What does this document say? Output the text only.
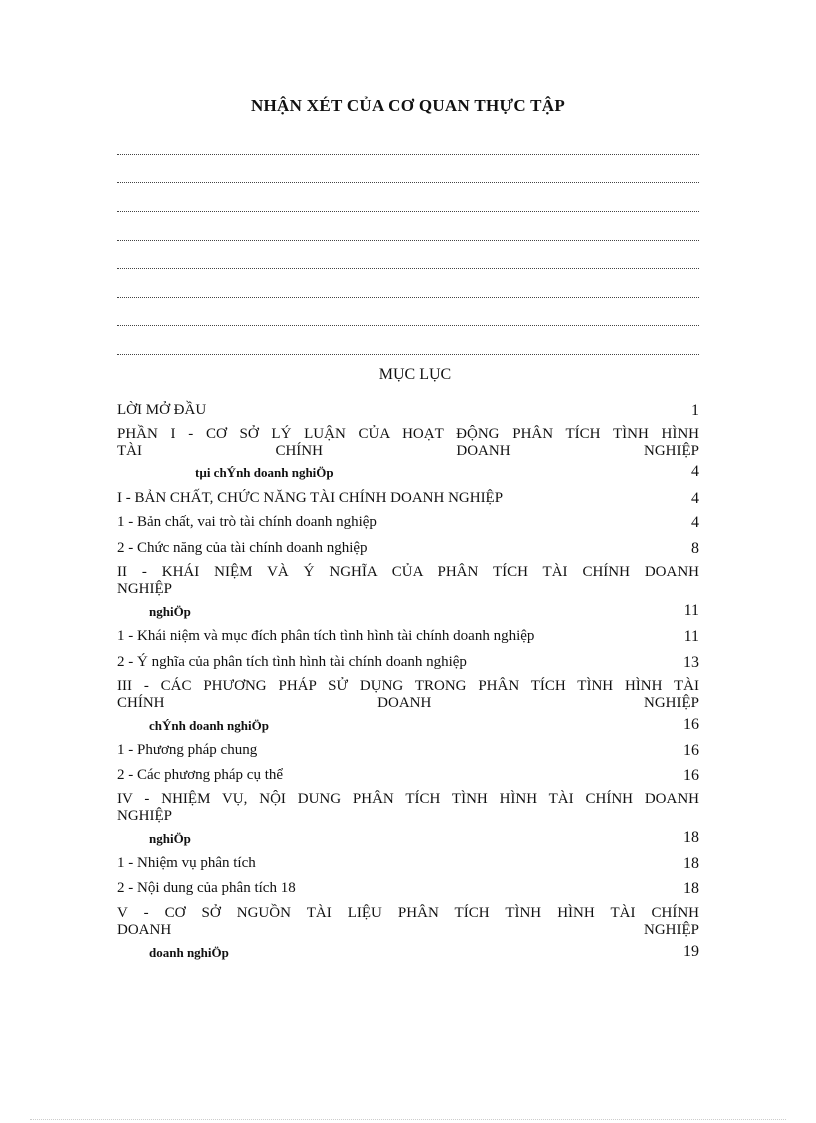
NHẬN XÉT CỦA CƠ QUAN THỰC TẬP
MỤC LỤC
LỜI MỞ ĐẦU	1
PHẦN I - CƠ SỞ LÝ LUẬN CỦA HOẠT ĐỘNG PHÂN TÍCH TÌNH HÌNH
TÀI CHÍNH DOANH NGHIỆP
tµi chÝnh doanh nghiÖp	4
I - BẢN CHẤT, CHỨC NĂNG TÀI CHÍNH DOANH NGHIỆP	4
1 - Bản chất, vai trò tài chính doanh nghiệp	4
2 - Chức năng của tài chính doanh nghiệp	8
II - KHÁI NIỆM VÀ Ý NGHĨA CỦA PHÂN TÍCH TÀI CHÍNH DOANH
NGHIỆP
nghiÖp	11
1 - Khái niệm và mục đích phân tích tình hình tài chính doanh nghiệp	11
2 - Ý nghĩa của phân tích tình hình tài chính doanh nghiệp	13
III - CÁC PHƯƠNG PHÁP SỬ DỤNG TRONG PHÂN TÍCH TÌNH HÌNH TÀI
CHÍNH DOANH NGHIỆP
chÝnh doanh nghiÖp	16
1 - Phương pháp chung	16
2 - Các phương pháp cụ thể	16
IV - NHIỆM VỤ, NỘI DUNG PHÂN TÍCH TÌNH HÌNH TÀI CHÍNH DOANH
NGHIỆP
nghiÖp	18
1 - Nhiệm vụ phân tích	18
2 - Nội dung của phân tích 18	18
V - CƠ SỞ NGUỒN TÀI LIỆU PHÂN TÍCH TÌNH HÌNH TÀI CHÍNH
DOANH NGHIỆP
doanh nghiÖp	19
